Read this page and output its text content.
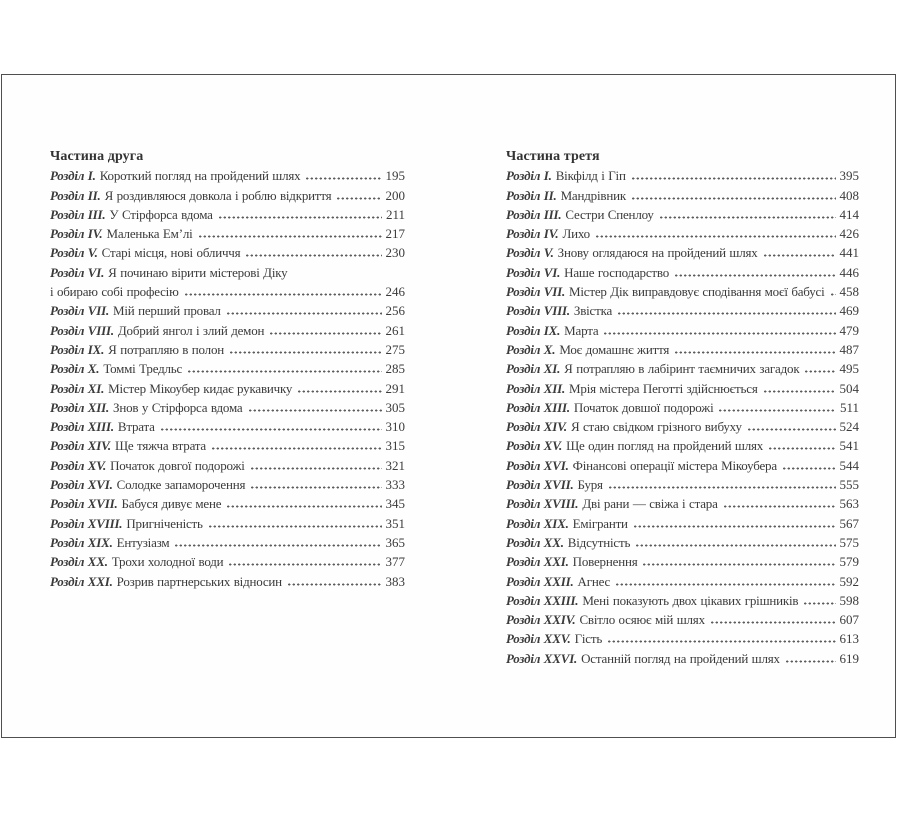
Частина друга
Розділ I. Короткий погляд на пройдений шлях	195
Розділ II. Я роздивляюся довкола і роблю відкриття	200
Розділ III. У Стірфорса вдома	211
Розділ IV. Маленька Ем’лі	217
Розділ V. Старі місця, нові обличчя	230
Розділ VI. Я починаю вірити містерові Діку
і обираю собі професію	246
Розділ VII. Мій перший провал	256
Розділ VIII. Добрий янгол і злий демон	261
Розділ IX. Я потрапляю в полон	275
Розділ X. Томмі Тредльс	285
Розділ XI. Містер Мікоубер кидає рукавичку	291
Розділ XII. Знов у Стірфорса вдома	305
Розділ XIII. Втрата	310
Розділ XIV. Ще тяжча втрата	315
Розділ XV. Початок довгої подорожі	321
Розділ XVI. Солодке запаморочення	333
Розділ XVII. Бабуся дивує мене	345
Розділ XVIII. Пригніченість	351
Розділ XIX. Ентузіазм	365
Розділ XX. Трохи холодної води	377
Розділ XXI. Розрив партнерських відносин	383
Частина третя
Розділ I. Вікфілд і Гіп	395
Розділ II. Мандрівник	408
Розділ III. Сестри Спенлоу	414
Розділ IV. Лихо	426
Розділ V. Знову оглядаюся на пройдений шлях	441
Розділ VI. Наше господарство	446
Розділ VII. Містер Дік виправдовує сподівання моєї бабусі 458
Розділ VIII. Звістка	469
Розділ IX. Марта	479
Розділ X. Моє домашнє життя	487
Розділ XI. Я потрапляю в лабіринт таємничих загадок	495
Розділ XII. Мрія містера Пеготті здійснюється	504
Розділ XIII. Початок довшої подорожі	511
Розділ XIV. Я стаю свідком грізного вибуху	524
Розділ XV. Ще один погляд на пройдений шлях	541
Розділ XVI. Фінансові операції містера Мікоубера	544
Розділ XVII. Буря	555
Розділ XVIII. Дві рани — свіжа і стара	563
Розділ XIX. Емігранти	567
Розділ XX. Відсутність	575
Розділ XXI. Повернення	579
Розділ XXII. Агнес	592
Розділ XXIII. Мені показують двох цікавих грішників	598
Розділ XXIV. Світло осяює мій шлях	607
Розділ XXV. Гість	613
Розділ XXVI. Останній погляд на пройдений шлях	619
